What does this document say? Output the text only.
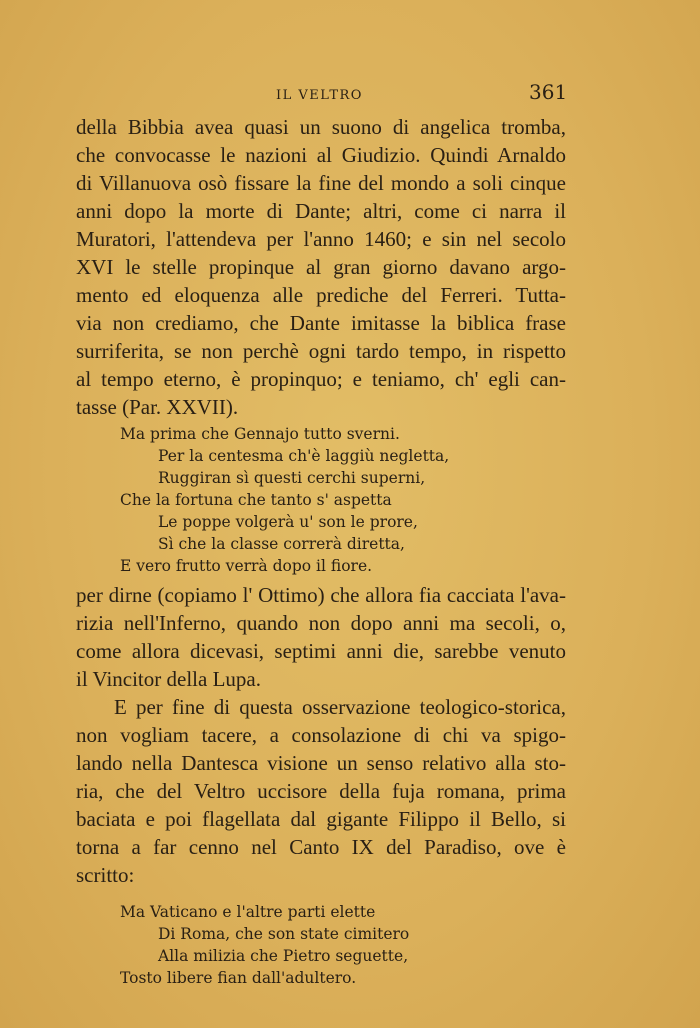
IL VELTRO	361
della Bibbia avea quasi un suono di angelica tromba,
che convocasse le nazioni al Giudizio. Quindi Arnaldo
di Villanuova osò fissare la fine del mondo a soli cinque
anni dopo la morte di Dante; altri, come ci narra il
Muratori, l'attendeva per l'anno 1460; e sin nel secolo
XVI le stelle propinque al gran giorno davano argo-
mento ed eloquenza alle prediche del Ferreri. Tutta-
via non crediamo, che Dante imitasse la biblica frase
surriferita, se non perchè ogni tardo tempo, in rispetto
al tempo eterno, è propinquo; e teniamo, ch' egli can-
tasse (Par. XXVII).
Ma prima che Gennajo tutto sverni.
Per la centesma ch'è laggiù negletta,
Ruggiran sì questi cerchi superni,
Che la fortuna che tanto s' aspetta
Le poppe volgerà u' son le prore,
Sì che la classe correrà diretta,
E vero frutto verrà dopo il fiore.
per dirne (copiamo l' Ottimo) che allora fia cacciata l'ava-
rizia nell'Inferno, quando non dopo anni ma secoli, o,
come allora dicevasi, septimi anni die, sarebbe venuto
il Vincitor della Lupa.
E per fine di questa osservazione teologico-storica,
non vogliam tacere, a consolazione di chi va spigo-
lando nella Dantesca visione un senso relativo alla sto-
ria, che del Veltro uccisore della fuja romana, prima
baciata e poi flagellata dal gigante Filippo il Bello, si
torna a far cenno nel Canto IX del Paradiso, ove è
scritto:
Ma Vaticano e l'altre parti elette
Di Roma, che son state cimitero
Alla milizia che Pietro seguette,
Tosto libere fian dall'adultero.
